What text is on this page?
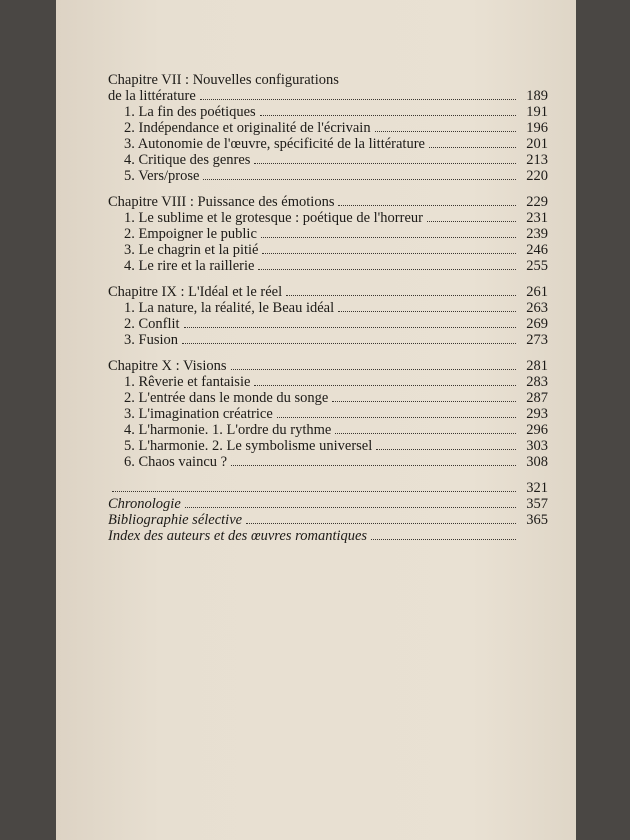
Chapitre VII : Nouvelles configurations
de la littérature	189
1. La fin des poétiques	191
2. Indépendance et originalité de l'écrivain	196
3. Autonomie de l'œuvre, spécificité de la littérature	201
4. Critique des genres	213
5. Vers/prose	220
Chapitre VIII : Puissance des émotions	229
1. Le sublime et le grotesque : poétique de l'horreur	231
2. Empoigner le public	239
3. Le chagrin et la pitié	246
4. Le rire et la raillerie	255
Chapitre IX : L'Idéal et le réel	261
1. La nature, la réalité, le Beau idéal	263
2. Conflit	269
3. Fusion	273
Chapitre X : Visions	281
1. Rêverie et fantaisie	283
2. L'entrée dans le monde du songe	287
3. L'imagination créatrice	293
4. L'harmonie. 1. L'ordre du rythme	296
5. L'harmonie. 2. Le symbolisme universel	303
6. Chaos vaincu ?	308
321
Chronologie	357
Bibliographie sélective	365
Index des auteurs et des œuvres romantiques
